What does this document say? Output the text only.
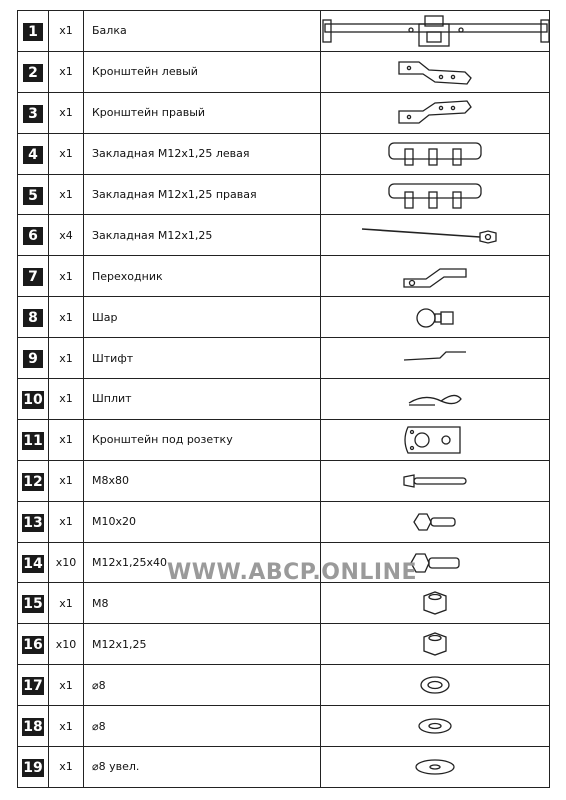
1	x1	Балка	

2	x1	Кронштейн левый	

3	x1	Кронштейн правый	

4	x1	Закладная М12х1,25 левая	

5	x1	Закладная М12х1,25 правая	

6	x4	Закладная М12х1,25	

7	x1	Переходник	

8	x1	Шар	

9	x1	Штифт	

10	x1	Шплит	

11	x1	Кронштейн под розетку	

12	x1	М8х80	

13	x1	М10х20	

14	x10	М12х1,25х40	

15	x1	М8	

16	x10	М12х1,25	

17	x1	⌀8	

18	x1	⌀8	

19	x1	⌀8 увел.	
WWW.ABCP.ONLINE
